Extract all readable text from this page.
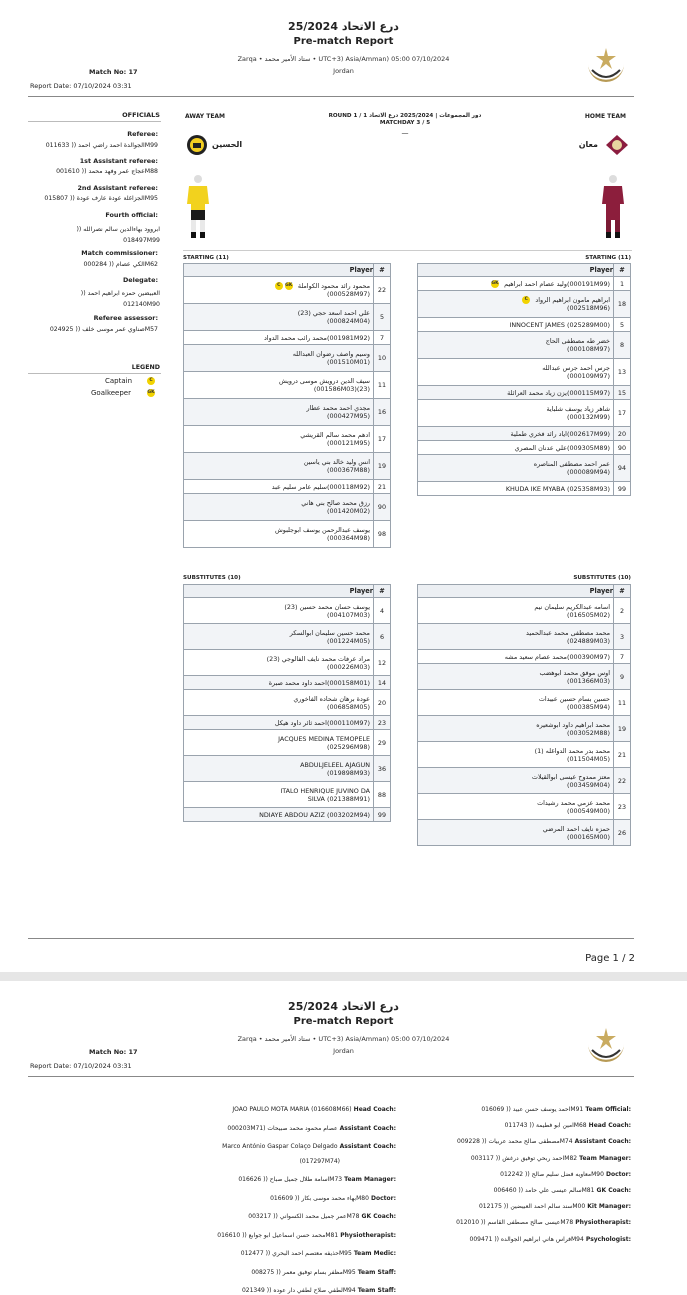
درع الاتحاد 25/2024
Pre-match Report
Zarqa • ستاد الأمير محمد • UTC+3) Asia/Amman) 05:00 07/10/2024
Jordan
Match No: 17
Report Date: 07/10/2024 03:31
OFFICIALS
Referee:
الجوالدة احمد راضي احمد (( 011633M99
1st Assistant referee:
عجاج عمر وفهد محمد (( 001610M88
2nd Assistant referee:
الجزاغلة عودة عارف عودة (( 015807M95
Fourth official:
ابروود بهاءالدين سالم نصرالله (( 018497M99
Match commissioner:
الكي عصام (( 000284M62
Delegate:
العبيضين حمزه ابراهيم احمد (( 012140M90
Referee assessor:
صناوي عمر موسى خلف (( 024925M57
LEGEND
Captain	C
Goalkeeper	GK
AWAY TEAM	HOME TEAM
ROUND 1 / 1 دور المجموعات | 2025/2024 درع الاتحاد
MATCHDAY 3 / 5
—
الحسين	معان
STARTING (11)	STARTING (11)
Player	#

C GK محمود رائد محمود الكواملة
(000528M97)	22

علي احمد اسعد حجي (23)
(000824M04)	5

محمد رائب محمد الدواد(001981M92)	7

وسيم واصف رضوان العبدالله
(001510M01)	10

سيف الدين درويش موسى درويش
(001586M03)(23)	11

مجدي احمد محمد عطار
(000427M95)	16

ادهم محمد سالم القريشي
(000121M95)	17

انس وليد خالد بني ياسين
(000367M88)	19

سليم عامر سليم عبد(000118M92)	21

رزق محمد صالح بني هاني
(001420M02)	90

يوسف عبدالرحمن يوسف ابوجلبوش
(000364M98)	98
Player	#

GK وليد عصام احمد ابراهيم(000191M99)	1

C ابراهيم مامون ابراهيم الرواد
(002518M96)	18

INNOCENT JAMES (025289M00)	5

خضر طه مصطفى الحاج
(000108M97)	8

جرس احمد جرس عبدالله
(000109M97)	13

يزن زياد محمد العرائلة(000115M97)	15

شاهر زياد يوسف شلباية
(000132M99)	17

اياد رائد فخري طملية(002617M99)	20

علي عدنان المصري(009305M89)	90

عمر احمد مصطفى المناصره
(000089M94)	94

KHUDA IKE MYABA (025358M93)	99
SUBSTITUTES (10)	SUBSTITUTES (10)
Player	#

يوسف حسان محمد حسين (23)
(004107M03)	4

محمد حسين سليمان ابوالسكر
(001224M05)	6

مراد عرفات محمد نايف الفالوجي (23)
(000226M03)	12

احمد داود محمد صبرة(000158M01)	14

عودة برهان شحاده الفاخوري
(006858M05)	20

احمد ثائر داود هيكل(000110M97)	23

JACQUES MEDINA TEMOPELE
(025296M98)	29

ABDULJELEEL AJAGUN
(019898M93)	36

ITALO HENRIQUE JUVINO DA
SILVA (021388M91)	88

NDIAYE ABDOU AZIZ (003202M94)	99
Player	#

اسامه عبدالكريم سليمان نيم
(016505M02)	2

محمد مصطفى محمد عبدالحميد
(024889M03)	3

محمد عصام سعيد مشه(000390M97)	7

اوس موفق محمد ابوهضب
(001366M03)	9

حسين بسام حسين عبيدات
(000385M94)	11

محمد ابراهيم داود ابوشعيره
(003052M88)	19

محمد بدر محمد الدواغله (1)
(011504M05)	21

معتز ممدوح عيسى ابوالقيلات
(003459M04)	22

محمد عزمي محمد رشيدات
(000549M00)	23

حمزه نايف احمد المرضي
(000165M00)	26
Page 1 / 2
درع الاتحاد 25/2024
Pre-match Report
Zarqa • ستاد الأمير محمد • UTC+3) Asia/Amman) 05:00 07/10/2024
Jordan
Match No: 17
Report Date: 07/10/2024 03:31
JOAO PAULO MOTA MARIA (016608M66) Head Coach:
000203M71) عصام محمود محمد صبيحات Assistant Coach:
Marco António Gaspar Colaço Delgado Assistant Coach:
(017297M74)
اسامة طلال جميل صباح (( 016626M73 Team Manager:
بهاء محمد موسى بكار (( 016609M80 Doctor:
عمر جميل محمد الكسواني (( 003217M78 GK Coach:
محمد حسن اسماعيل ابو جوابع (( 016610M81 Physiotherapist:
حذيفه معتصم احمد البحري (( 012477M95 Team Medic:
مظفر بسام توفيق معمر (( 008275M95 Team Staff:
لطفي صلاح لطفي دار عوده (( 021349M94 Team Staff:
احمد يوسف حسن عبيد (( 016069M91 Team Official:
امين ابو فطيمة (( 011743M68 Head Coach:
مصطفى صالح محمد عربيات (( 009228M74 Assistant Coach:
احمد ربحي توفيق درغش (( 003117M82 Team Manager:
معاويه فضل سليم صالح (( 012242M90 Doctor:
سالم عيسى علي حامد (( 006460M81 GK Coach:
سند سالم احمد العبيضين (( 012175M00 Kit Manager:
عيسى صالح مصطفى القاسم (( 012010M78 Physiotherapist:
فراس هاني ابراهيم الجوالده (( 009471M94 Psychologist:
